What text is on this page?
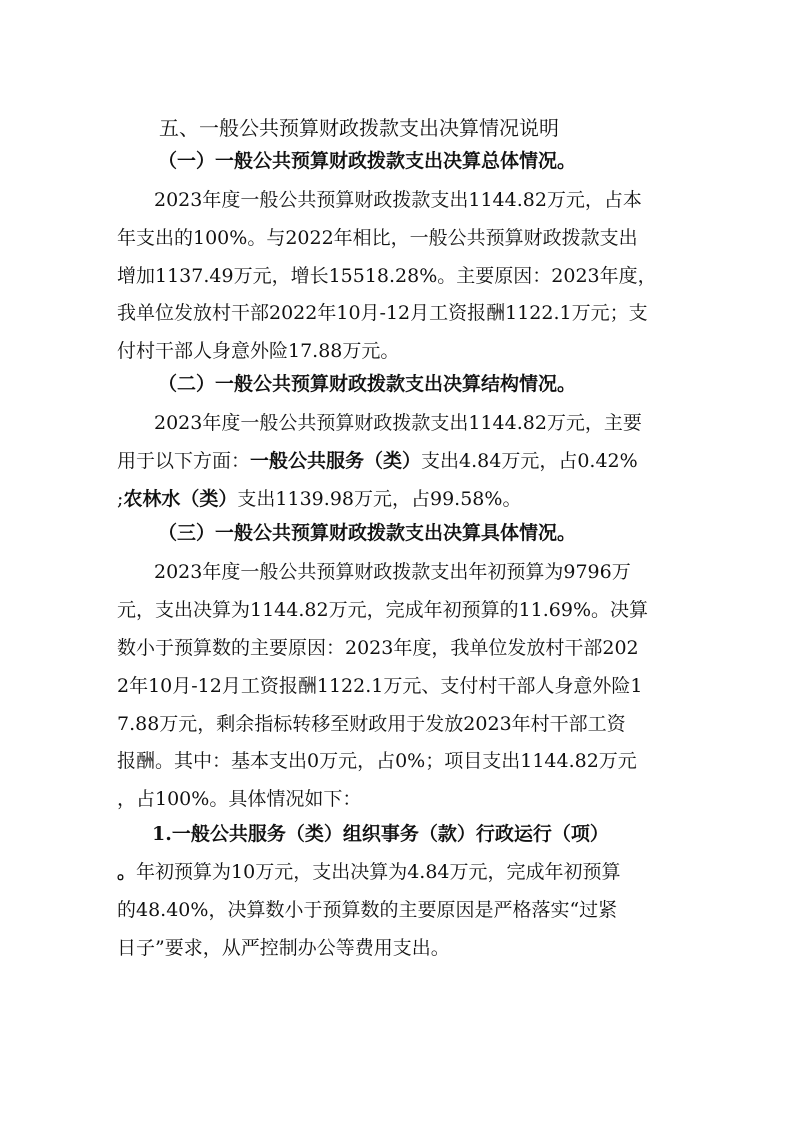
五、一般公共预算财政拨款支出决算情况说明
（一）一般公共预算财政拨款支出决算总体情况。
2023年度一般公共预算财政拨款支出1144.82万元，占本
年支出的100%。与2022年相比，一般公共预算财政拨款支出
增加1137.49万元，增长15518.28%。主要原因：2023年度，
我单位发放村干部2022年10月-12月工资报酬1122.1万元；支
付村干部人身意外险17.88万元。
（二）一般公共预算财政拨款支出决算结构情况。
2023年度一般公共预算财政拨款支出1144.82万元，主要
用于以下方面：一般公共服务（类）支出4.84万元，占0.42%
;农林水（类）支出1139.98万元，占99.58%。
（三）一般公共预算财政拨款支出决算具体情况。
2023年度一般公共预算财政拨款支出年初预算为9796万
元，支出决算为1144.82万元，完成年初预算的11.69%。决算
数小于预算数的主要原因：2023年度，我单位发放村干部202
2年10月-12月工资报酬1122.1万元、支付村干部人身意外险1
7.88万元，剩余指标转移至财政用于发放2023年村干部工资
报酬。其中：基本支出0万元，占0%；项目支出1144.82万元
，占100%。具体情况如下：
1.一般公共服务（类）组织事务（款）行政运行（项）
。年初预算为10万元，支出决算为4.84万元，完成年初预算
的48.40%，决算数小于预算数的主要原因是严格落实“过紧
日子”要求，从严控制办公等费用支出。
